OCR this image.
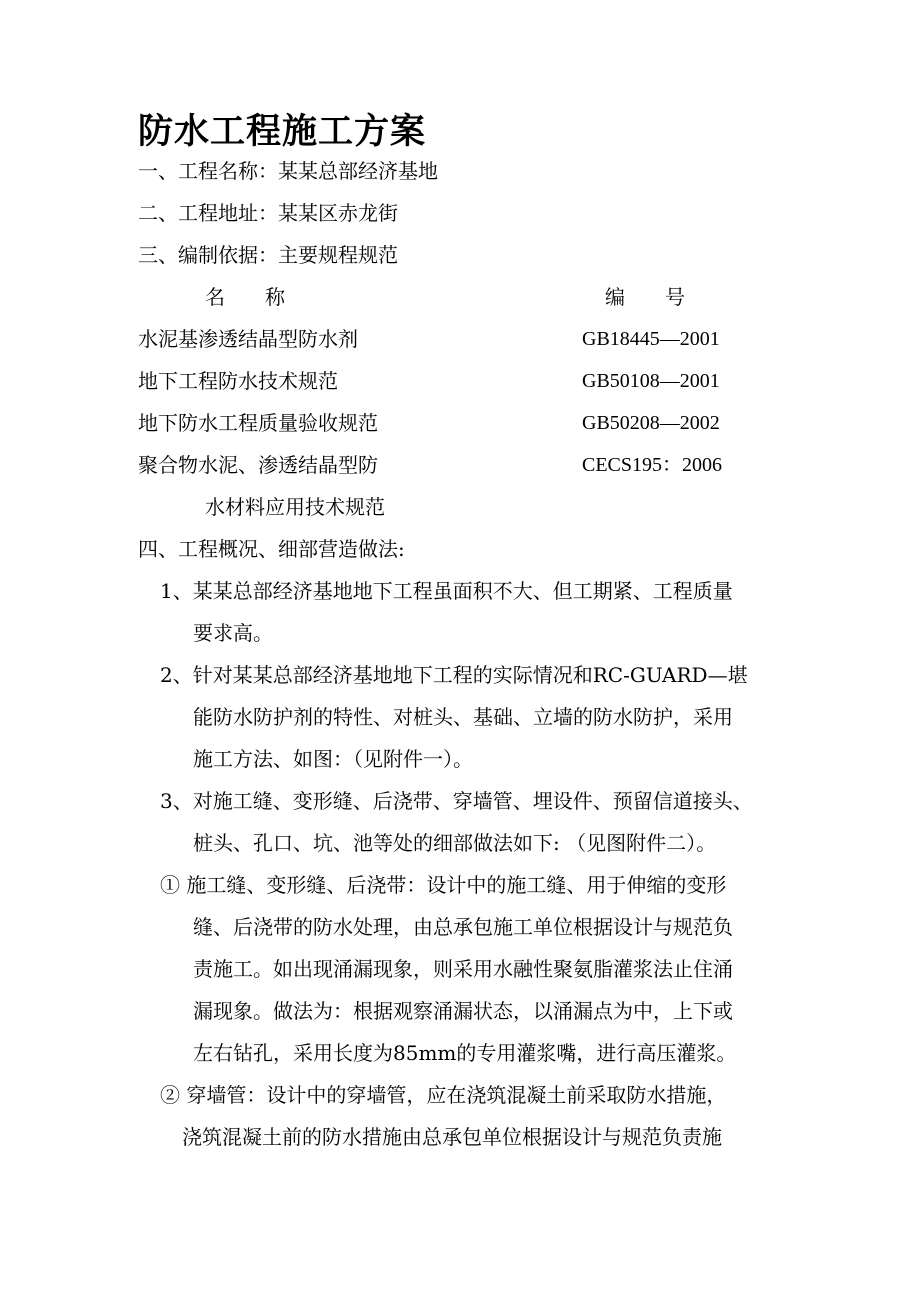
防水工程施工方案
一、工程名称：某某总部经济基地
二、工程地址：某某区赤龙街
三、编制依据：主要规程规范
名　　称	编　　号
水泥基渗透结晶型防水剂	GB18445—2001
地下工程防水技术规范	GB50108—2001
地下防水工程质量验收规范	GB50208—2002
聚合物水泥、渗透结晶型防	CECS195：2006
水材料应用技术规范
四、工程概况、细部营造做法:
1、某某总部经济基地地下工程虽面积不大、但工期紧、工程质量
要求高。
2、针对某某总部经济基地地下工程的实际情况和RC-GUARD—堪
能防水防护剂的特性、对桩头、基础、立墙的防水防护，采用
施工方法、如图：（见附件一）。
3、对施工缝、变形缝、后浇带、穿墙管、埋设件、预留信道接头、
桩头、孔口、坑、池等处的细部做法如下: （见图附件二）。
① 施工缝、变形缝、后浇带：设计中的施工缝、用于伸缩的变形
缝、后浇带的防水处理，由总承包施工单位根据设计与规范负
责施工。如出现涌漏现象，则采用水融性聚氨脂灌浆法止住涌
漏现象。做法为：根据观察涌漏状态，以涌漏点为中，上下或
左右钻孔，采用长度为85mm的专用灌浆嘴，进行高压灌浆。
② 穿墙管：设计中的穿墙管，应在浇筑混凝土前采取防水措施，
浇筑混凝土前的防水措施由总承包单位根据设计与规范负责施
